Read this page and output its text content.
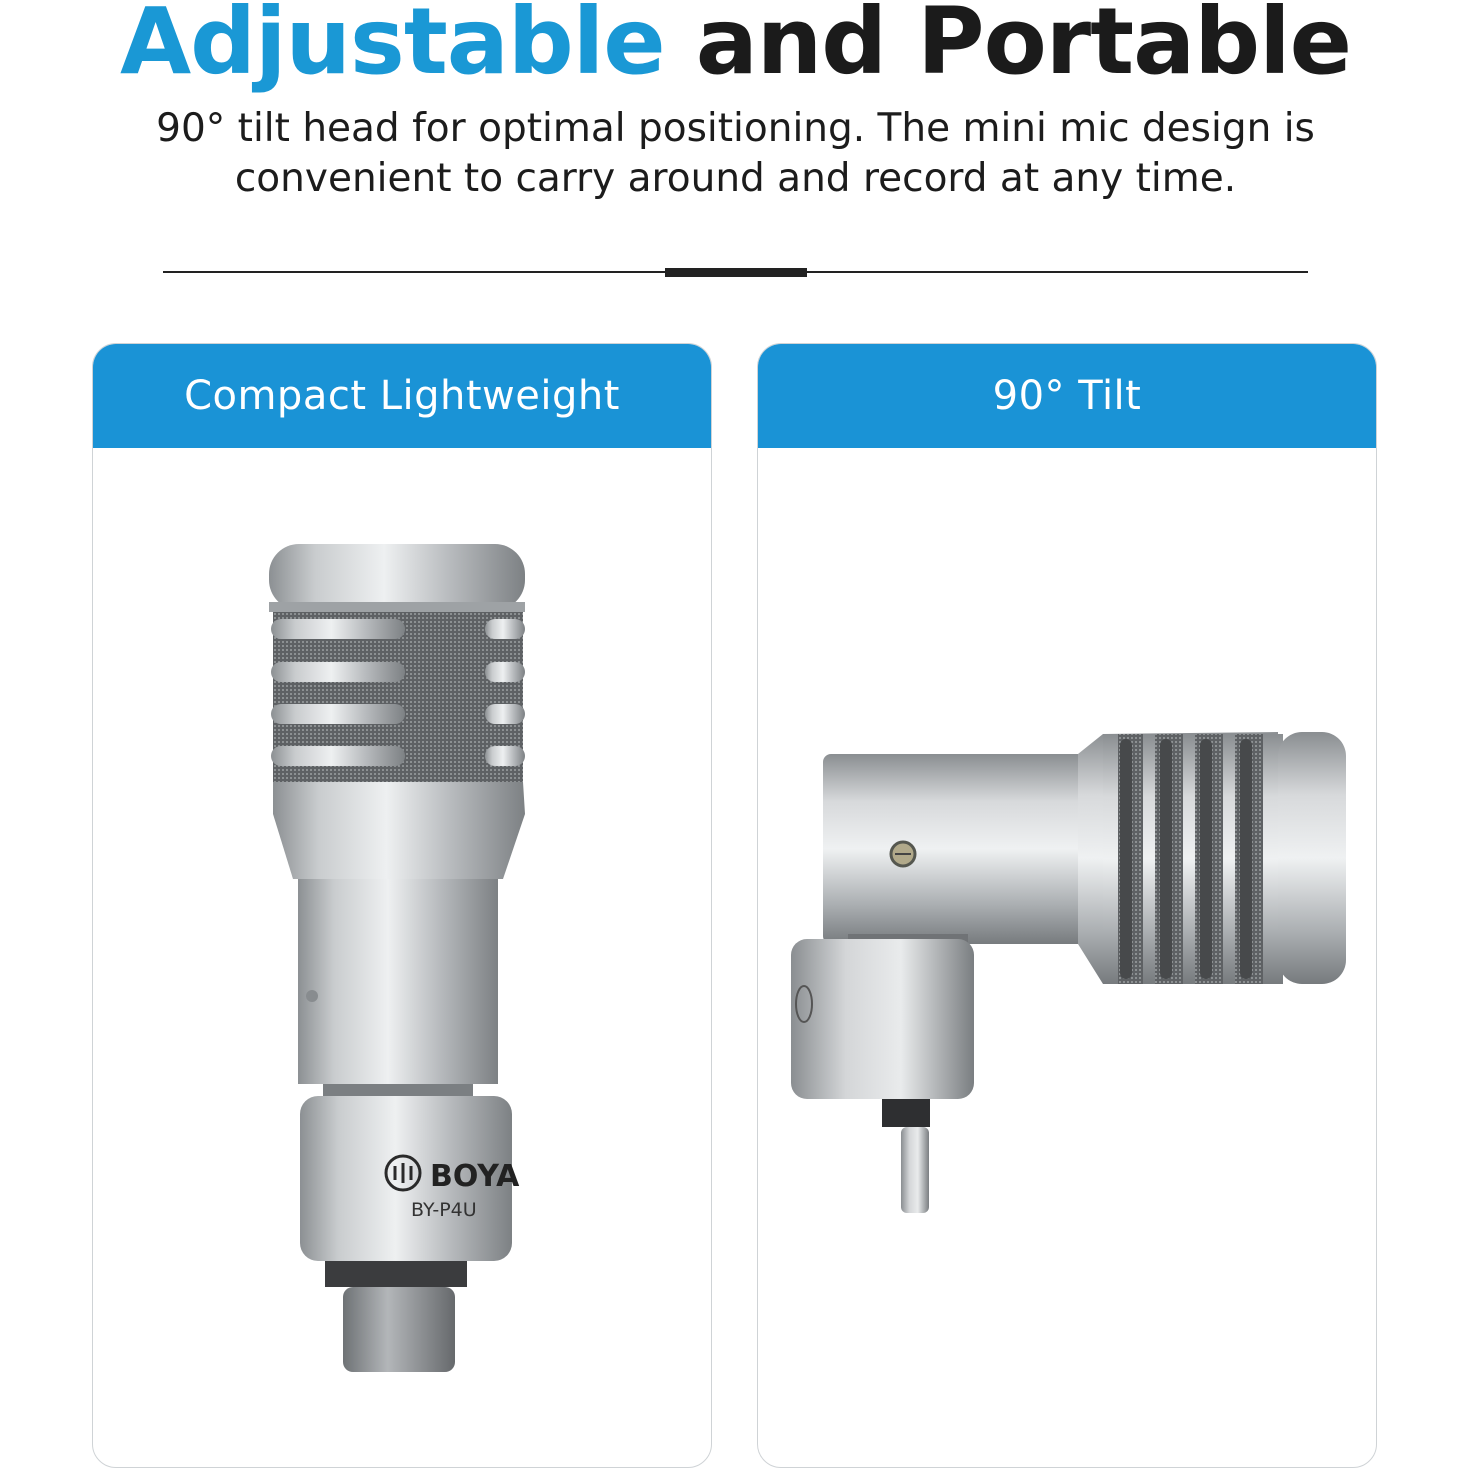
Adjustable and Portable

90° tilt head for optimal positioning. The mini mic design is convenient to carry around and record at any time.

Compact Lightweight
BOYA
BY-P4U
90° Tilt
